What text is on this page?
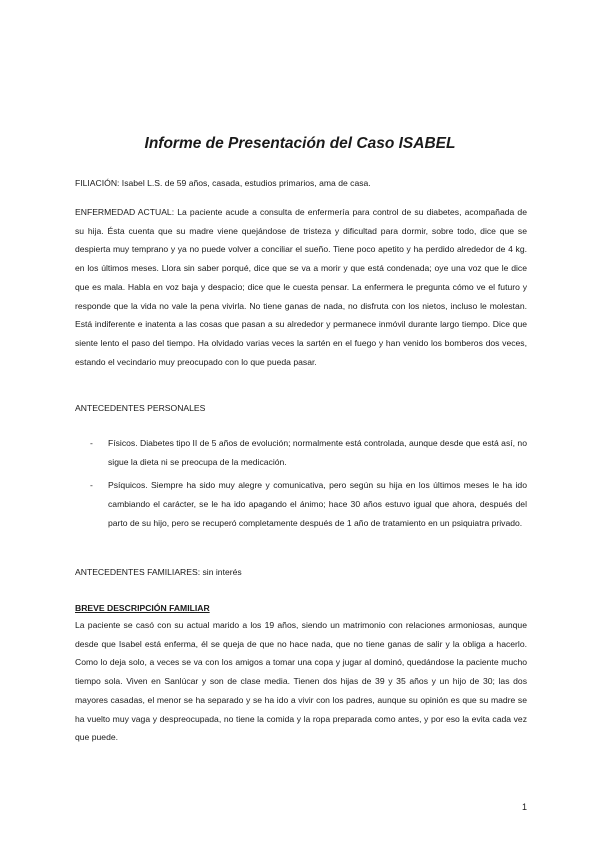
Informe de Presentación del Caso ISABEL

FILIACIÓN: Isabel L.S. de 59 años, casada, estudios primarios, ama de casa.

ENFERMEDAD ACTUAL: La paciente acude a consulta de enfermería para control de su diabetes, acompañada de su hija. Ésta cuenta que su madre viene quejándose de tristeza y dificultad para dormir, sobre todo, dice que se despierta muy temprano y ya no puede volver a conciliar el sueño. Tiene poco apetito y ha perdido alrededor de 4 kg. en los últimos meses. Llora sin saber porqué, dice que se va a morir y que está condenada; oye una voz que le dice que es mala. Habla en voz baja y despacio; dice que le cuesta pensar. La enfermera le pregunta cómo ve el futuro y responde que la vida no vale la pena vivirla. No tiene ganas de nada, no disfruta con los nietos, incluso le molestan. Está indiferente e inatenta a las cosas que pasan a su alrededor y permanece inmóvil durante largo tiempo. Dice que siente lento el paso del tiempo. Ha olvidado varias veces la sartén en el fuego y han venido los bomberos dos veces, estando el vecindario muy preocupado con lo que pueda pasar.

ANTECEDENTES PERSONALES

- Físicos. Diabetes tipo II de 5 años de evolución; normalmente está controlada, aunque desde que está así, no sigue la dieta ni se preocupa de la medicación.
- Psíquicos. Siempre ha sido muy alegre y comunicativa, pero según su hija en los últimos meses le ha ido cambiando el carácter, se le ha ido apagando el ánimo; hace 30 años estuvo igual que ahora, después del parto de su hijo, pero se recuperó completamente después de 1 año de tratamiento en un psiquiatra privado.

ANTECEDENTES FAMILIARES: sin interés

BREVE DESCRIPCIÓN FAMILIAR

La paciente se casó con su actual marido a los 19 años, siendo un matrimonio con relaciones armoniosas, aunque desde que Isabel está enferma, él se queja de que no hace nada, que no tiene ganas de salir y la obliga a hacerlo. Como lo deja solo, a veces se va con los amigos a tomar una copa y jugar al dominó, quedándose la paciente mucho tiempo sola. Viven en Sanlúcar y son de clase media. Tienen dos hijas de 39 y 35 años y un hijo de 30; las dos mayores casadas, el menor se ha separado y se ha ido a vivir con los padres, aunque su opinión es que su madre se ha vuelto muy vaga y despreocupada, no tiene la comida y la ropa preparada como antes, y por eso la evita cada vez que puede.

1
